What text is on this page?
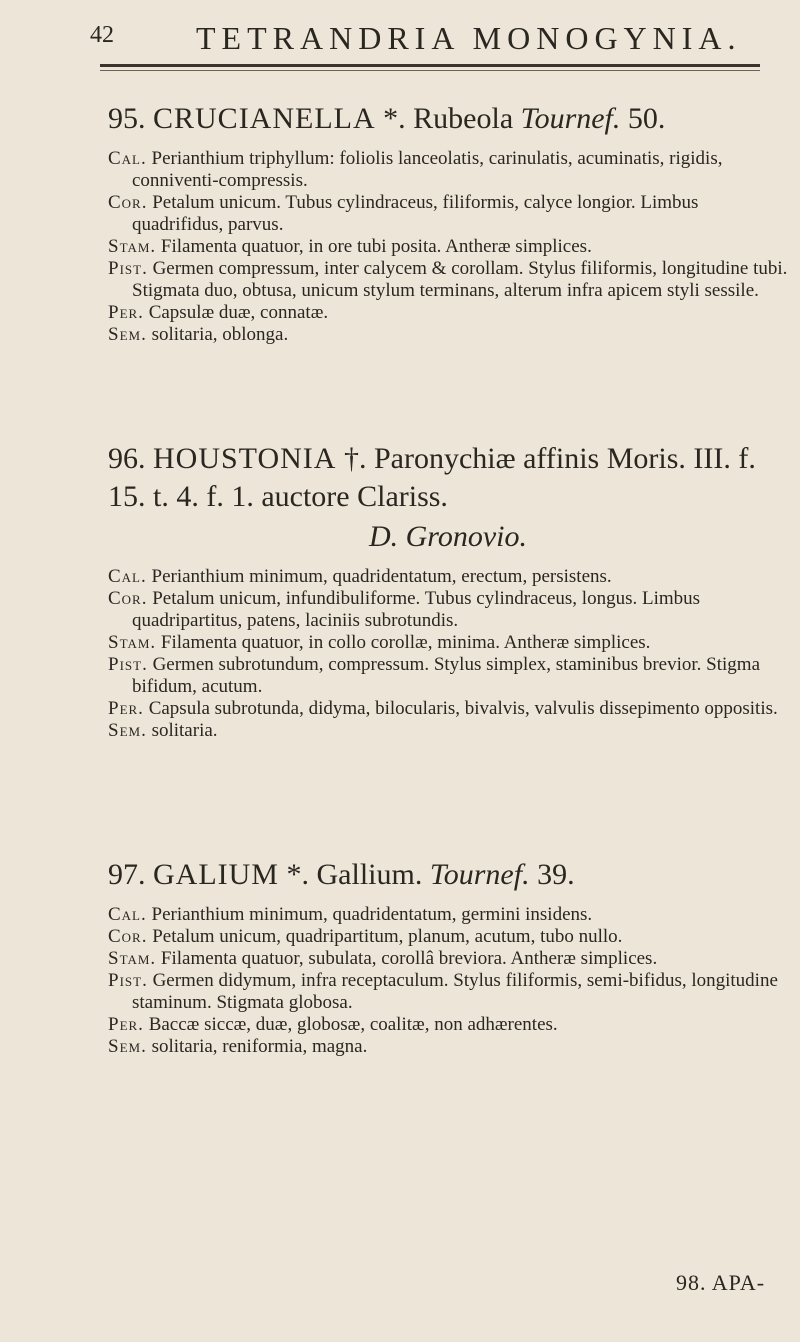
42	TETRANDRIA MONOGYNIA.
95. CRUCIANELLA *. Rubeola Tournef. 50.

Cal. Perianthium triphyllum: foliolis lanceolatis, carinulatis, acuminatis, rigidis, conniventi-compressis.

Cor. Petalum unicum. Tubus cylindraceus, filiformis, calyce longior. Limbus quadrifidus, parvus.

Stam. Filamenta quatuor, in ore tubi posita. Antheræ simplices.

Pist. Germen compressum, inter calycem & corollam. Stylus filiformis, longitudine tubi. Stigmata duo, obtusa, unicum stylum terminans, alterum infra apicem styli sessile.

Per. Capsulæ duæ, connatæ.

Sem. solitaria, oblonga.

96. HOUSTONIA †. Paronychiæ affinis Moris. III. f. 15. t. 4. f. 1. auctore Clariss.
D. Gronovio.

Cal. Perianthium minimum, quadridentatum, erectum, persistens.

Cor. Petalum unicum, infundibuliforme. Tubus cylindraceus, longus. Limbus quadripartitus, patens, laciniis subrotundis.

Stam. Filamenta quatuor, in collo corollæ, minima. Antheræ simplices.

Pist. Germen subrotundum, compressum. Stylus simplex, staminibus brevior. Stigma bifidum, acutum.

Per. Capsula subrotunda, didyma, bilocularis, bivalvis, valvulis dissepimento oppositis.

Sem. solitaria.

97. GALIUM *. Gallium. Tournef. 39.

Cal. Perianthium minimum, quadridentatum, germini insidens.

Cor. Petalum unicum, quadripartitum, planum, acutum, tubo nullo.

Stam. Filamenta quatuor, subulata, corollâ breviora. Antheræ simplices.

Pist. Germen didymum, infra receptaculum. Stylus filiformis, semi-bifidus, longitudine staminum. Stigmata globosa.

Per. Baccæ siccæ, duæ, globosæ, coalitæ, non adhærentes.

Sem. solitaria, reniformia, magna.

98. APA-
